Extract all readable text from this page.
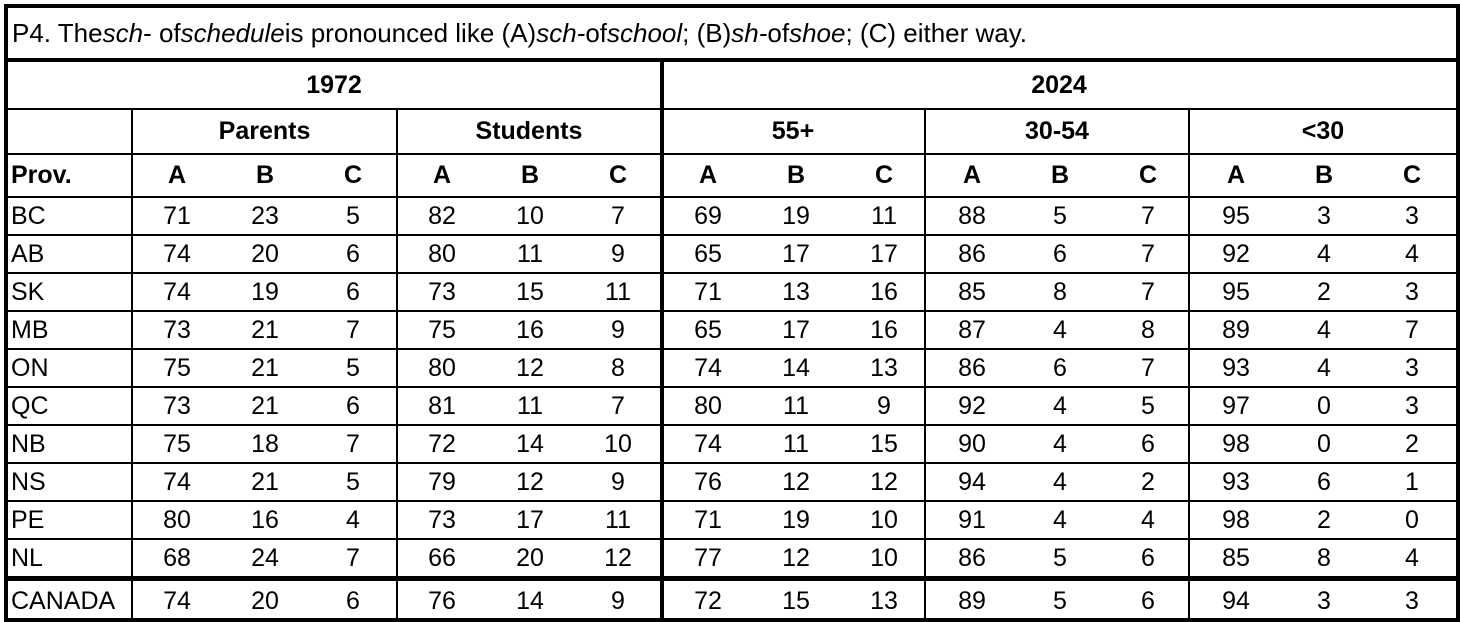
P4. The sch - of schedule is pronounced like (A) sch- of school ; (B) sh- of shoe ; (C) either way.
1972	2024
Parents	Students	55+	30-54	<30
Prov.	A	B	C	A	B	C	A	B	C	A	B	C	A	B	C
BC	71	23	5	82	10	7	69	19	11	88	5	7	95	3	3
AB	74	20	6	80	11	9	65	17	17	86	6	7	92	4	4
SK	74	19	6	73	15	11	71	13	16	85	8	7	95	2	3
MB	73	21	7	75	16	9	65	17	16	87	4	8	89	4	7
ON	75	21	5	80	12	8	74	14	13	86	6	7	93	4	3
QC	73	21	6	81	11	7	80	11	9	92	4	5	97	0	3
NB	75	18	7	72	14	10	74	11	15	90	4	6	98	0	2
NS	74	21	5	79	12	9	76	12	12	94	4	2	93	6	1
PE	80	16	4	73	17	11	71	19	10	91	4	4	98	2	0
NL	68	24	7	66	20	12	77	12	10	86	5	6	85	8	4
CANADA	74	20	6	76	14	9	72	15	13	89	5	6	94	3	3
